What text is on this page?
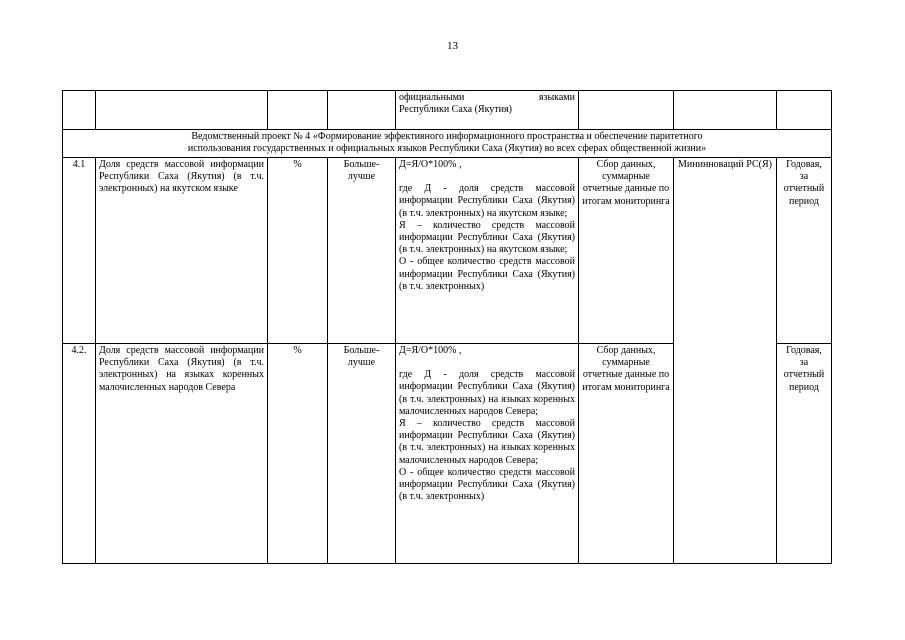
13

				официальными языками
Республики Саха (Якутия)			

Ведомственный проект № 4 «Формирование эффективного информационного пространства и обеспечение паритетного
использования государственных и официальных языков Республики Саха (Якутия) во всех сферах общественной жизни»							

4.1	Доля средств массовой информации Республики Саха (Якутия) (в т.ч. электронных) на якутском языке	%	Больше-
лучше	Д=Я/О*100% ,
где Д - доля средств массовой информации Республики Саха (Якутия) (в т.ч. электронных) на якутском языке;
Я – количество средств массовой информации Республики Саха (Якутия) (в т.ч. электронных) на якутском языке;
О - общее количество средств массовой информации Республики Саха (Якутия) (в т.ч. электронных)	Сбор данных, суммарные отчетные данные по итогам мониторинга	Мининноваций РС(Я)	Годовая,
за отчетный период
4.2.	Доля средств массовой информации Республики Саха (Якутия) (в т.ч. электронных) на языках коренных малочисленных народов Севера	%	Больше-
лучше	Д=Я/О*100% ,
где Д - доля средств массовой информации Республики Саха (Якутия) (в т.ч. электронных) на языках коренных малочисленных народов Севера;
Я – количество средств массовой информации Республики Саха (Якутия) (в т.ч. электронных) на языках коренных малочисленных народов Севера;
О - общее количество средств массовой информации Республики Саха (Якутия) (в т.ч. электронных)	Сбор данных, суммарные отчетные данные по итогам мониторинга		Годовая,
за отчетный период
